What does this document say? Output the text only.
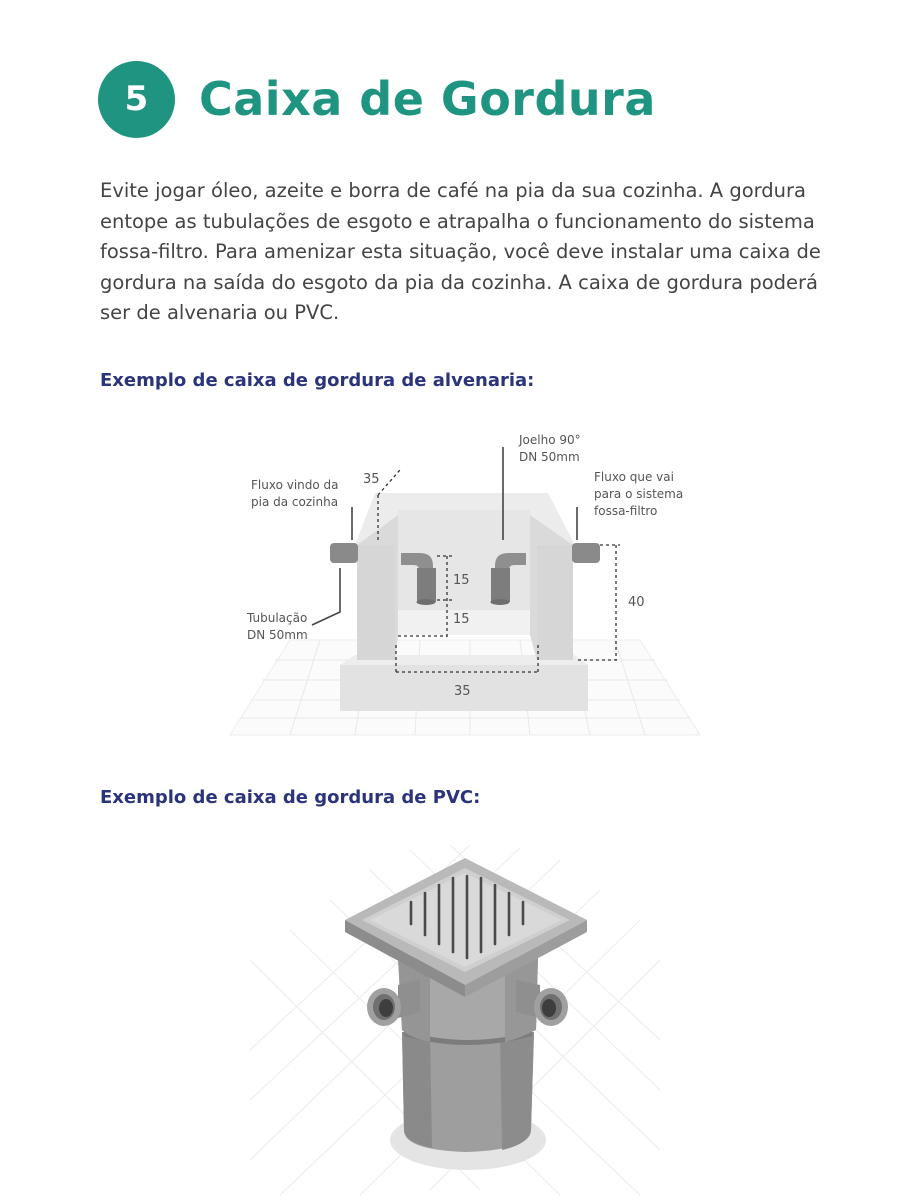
5	Caixa de Gordura

Evite jogar óleo, azeite e borra de café na pia da sua cozinha. A gordura entope as tubulações de esgoto e atrapalha o funcionamento do sistema fossa-filtro. Para amenizar esta situação, você deve instalar uma caixa de gordura na saída do esgoto da pia da cozinha. A caixa de gordura poderá ser de alvenaria ou PVC.

Exemplo de caixa de gordura de alvenaria:
Fluxo vindo da
pia da cozinha
Joelho 90°
DN 50mm
Fluxo que vai
para o sistema
fossa-filtro
Tubulação
DN 50mm
35
15
15
40
35
Exemplo de caixa de gordura de PVC:
